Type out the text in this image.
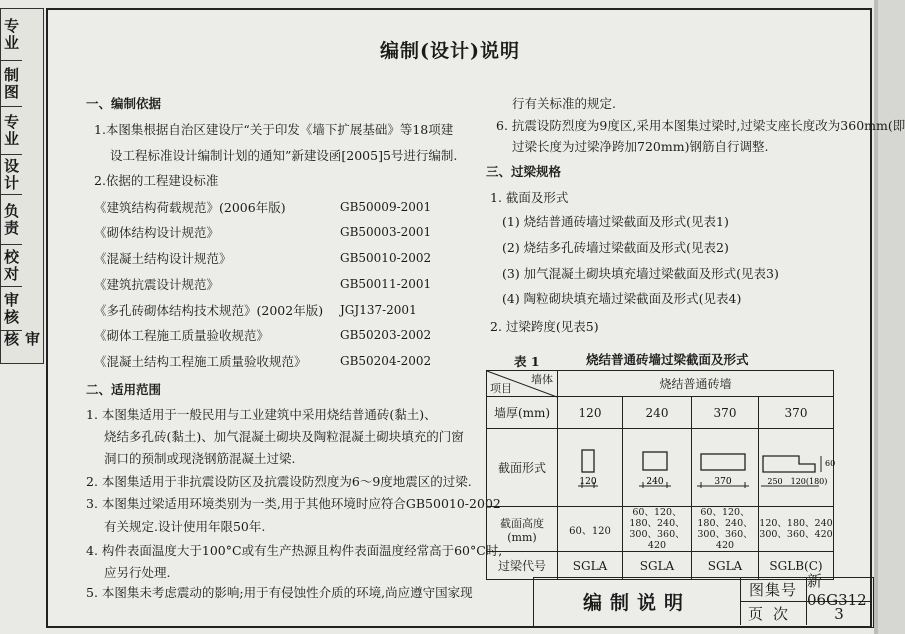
专业
制图
专业
设计
负责
校对
审核
审核
编制(设计)说明
一、编制依据
1.本图集根据自治区建设厅“关于印发《墙下扩展基础》等18项建
设工程标准设计编制计划的通知”新建设函[2005]5号进行编制.
2.依据的工程建设标准
《建筑结构荷载规范》(2006年版)	GB50009-2001
《砌体结构设计规范》	GB50003-2001
《混凝土结构设计规范》	GB50010-2002
《建筑抗震设计规范》	GB50011-2001
《多孔砖砌体结构技术规范》(2002年版) JGJ137-2001
《砌体工程施工质量验收规范》	GB50203-2002
《混凝土结构工程施工质量验收规范》	GB50204-2002
二、适用范围
1. 本图集适用于一般民用与工业建筑中采用烧结普通砖(黏土)、
烧结多孔砖(黏土)、加气混凝土砌块及陶粒混凝土砌块填充的门窗
洞口的预制或现浇钢筋混凝土过梁.
2. 本图集适用于非抗震设防区及抗震设防烈度为6～9度地震区的过梁.
3. 本图集过梁适用环境类别为一类,用于其他环境时应符合GB50010-2002
有关规定.设计使用年限50年.
4. 构件表面温度大于100°C或有生产热源且构件表面温度经常高于60°C时,
应另行处理.
5. 本图集未考虑震动的影响;用于有侵蚀性介质的环境,尚应遵守国家现
行有关标准的规定.
6. 抗震设防烈度为9度区,采用本图集过梁时,过梁支座长度改为360mm(即
过梁长度为过梁净跨加720mm)钢筋自行调整.
三、过梁规格
1. 截面及形式
(1) 烧结普通砖墙过梁截面及形式(见表1)
(2) 烧结多孔砖墙过梁截面及形式(见表2)
(3) 加气混凝土砌块填充墙过梁截面及形式(见表3)
(4) 陶粒砌块填充墙过梁截面及形式(见表4)
2. 过梁跨度(见表5)
表 1	烧结普通砖墙过梁截面及形式
墙体
项目	烧结普通砖墙			
墙厚(mm)	120	240	370	370
截面形式	120	240	370	60
250 120(180)

截面高度(mm)	60、120	60、120、180、240、300、360、420	60、120、180、240、300、360、420	120、180、240 300、360、420
过梁代号	SGLA	SGLA	SGLA	SGLB(C)
编制说明
图集号 新06G312
页次	3
